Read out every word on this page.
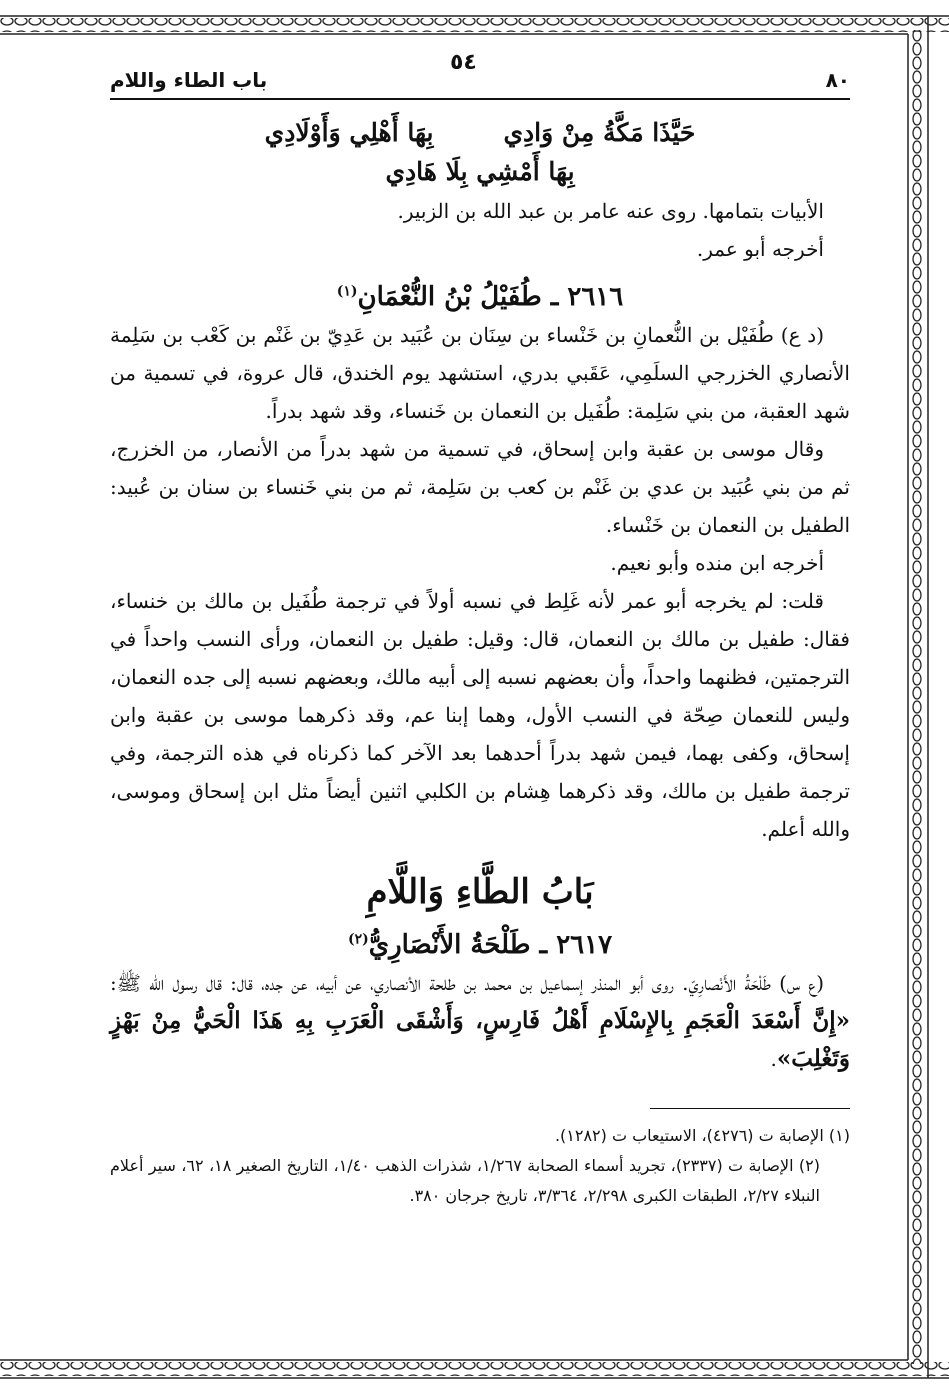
٨٠
٥٤
باب الطاء واللام
حَيَّذَا مَكَّةُ مِنْ وَادِي
بِهَا أَهْلِي وَأَوْلَادِي
بِهَا أَمْشِي بِلَا هَادِي

الأبيات بتمامها. روى عنه عامر بن عبد الله بن الزبير.

أخرجه أبو عمر.

٢٦١٦ ـ طُفَيْلُ بْنُ النُّعْمَانِ$^{(١)}$

(د ع) طُفَيْل بن النُّعمانِ بن خَنْساء بن سِنَان بن عُبَيد بن عَدِيّ بن غَنْم بن كَعْب بن سَلِمة الأنصاري الخزرجي السلَمِي، عَقَبي بدري، استشهد يوم الخندق، قال عروة، في تسمية من شهد العقبة، من بني سَلِمة: طُفَيل بن النعمان بن خَنساء، وقد شهد بدراً.

وقال موسى بن عقبة وابن إسحاق، في تسمية من شهد بدراً من الأنصار، من الخزرج، ثم من بني عُبَيد بن عدي بن غَنْم بن كعب بن سَلِمة، ثم من بني خَنساء بن سنان بن عُبيد: الطفيل بن النعمان بن خَنْساء.

أخرجه ابن منده وأبو نعيم.

قلت: لم يخرجه أبو عمر لأنه غَلِط في نسبه أولاً في ترجمة طُفَيل بن مالك بن خنساء، فقال: طفيل بن مالك بن النعمان، قال: وقيل: طفيل بن النعمان، ورأى النسب واحداً في الترجمتين، فظنهما واحداً، وأن بعضهم نسبه إلى أبيه مالك، وبعضهم نسبه إلى جده النعمان، وليس للنعمان صِحّة في النسب الأول، وهما إبنا عم، وقد ذكرهما موسى بن عقبة وابن إسحاق، وكفى بهما، فيمن شهد بدراً أحدهما بعد الآخر كما ذكرناه في هذه الترجمة، وفي ترجمة طفيل بن مالك، وقد ذكرهما هِشام بن الكلبي اثنين أيضاً مثل ابن إسحاق وموسى، والله أعلم.

بَابُ الطَّاءِ وَاللَّامِ
٢٦١٧ ـ طَلْحَةُ الأَنْصَارِيُّ$^{(٢)}$

(ع س) طَلْحَةُ الأَنْصارِيّ. روى أبو المنذر إسماعيل بن محمد بن طلحة الأنصاري، عن أبيه، عن جده، قال: قال رسول الله ﷺ: «إِنَّ أَسْعَدَ الْعَجَمِ بِالإِسْلَامِ أَهْلُ فَارِسٍ، وَأَشْقَى الْعَرَبِ بِهِ هَذَا الْحَيُّ مِنْ بَهْزٍ وَتَغْلِبَ».

(١) الإصابة ت (٤٢٧٦)، الاستيعاب ت (١٢٨٢).

(٢) الإصابة ت (٢٣٣٧)، تجريد أسماء الصحابة ١/٢٦٧، شذرات الذهب ١/٤٠، التاريخ الصغير ١٨، ٦٢، سير أعلام النبلاء ٢/٢٧، الطبقات الكبرى ٢/٢٩٨، ٣/٣٦٤، تاريخ جرجان ٣٨٠.
